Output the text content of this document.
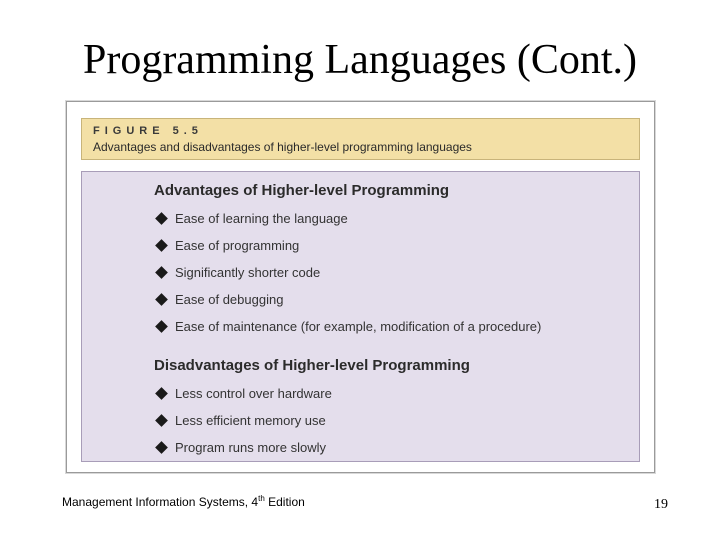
Programming Languages (Cont.)
FIGURE 5.5
Advantages and disadvantages of higher-level programming languages
Advantages of Higher-level Programming
Ease of learning the language
Ease of programming
Significantly shorter code
Ease of debugging
Ease of maintenance (for example, modification of a procedure)
Disadvantages of Higher-level Programming
Less control over hardware
Less efficient memory use
Program runs more slowly
Management Information Systems, 4th Edition	19
